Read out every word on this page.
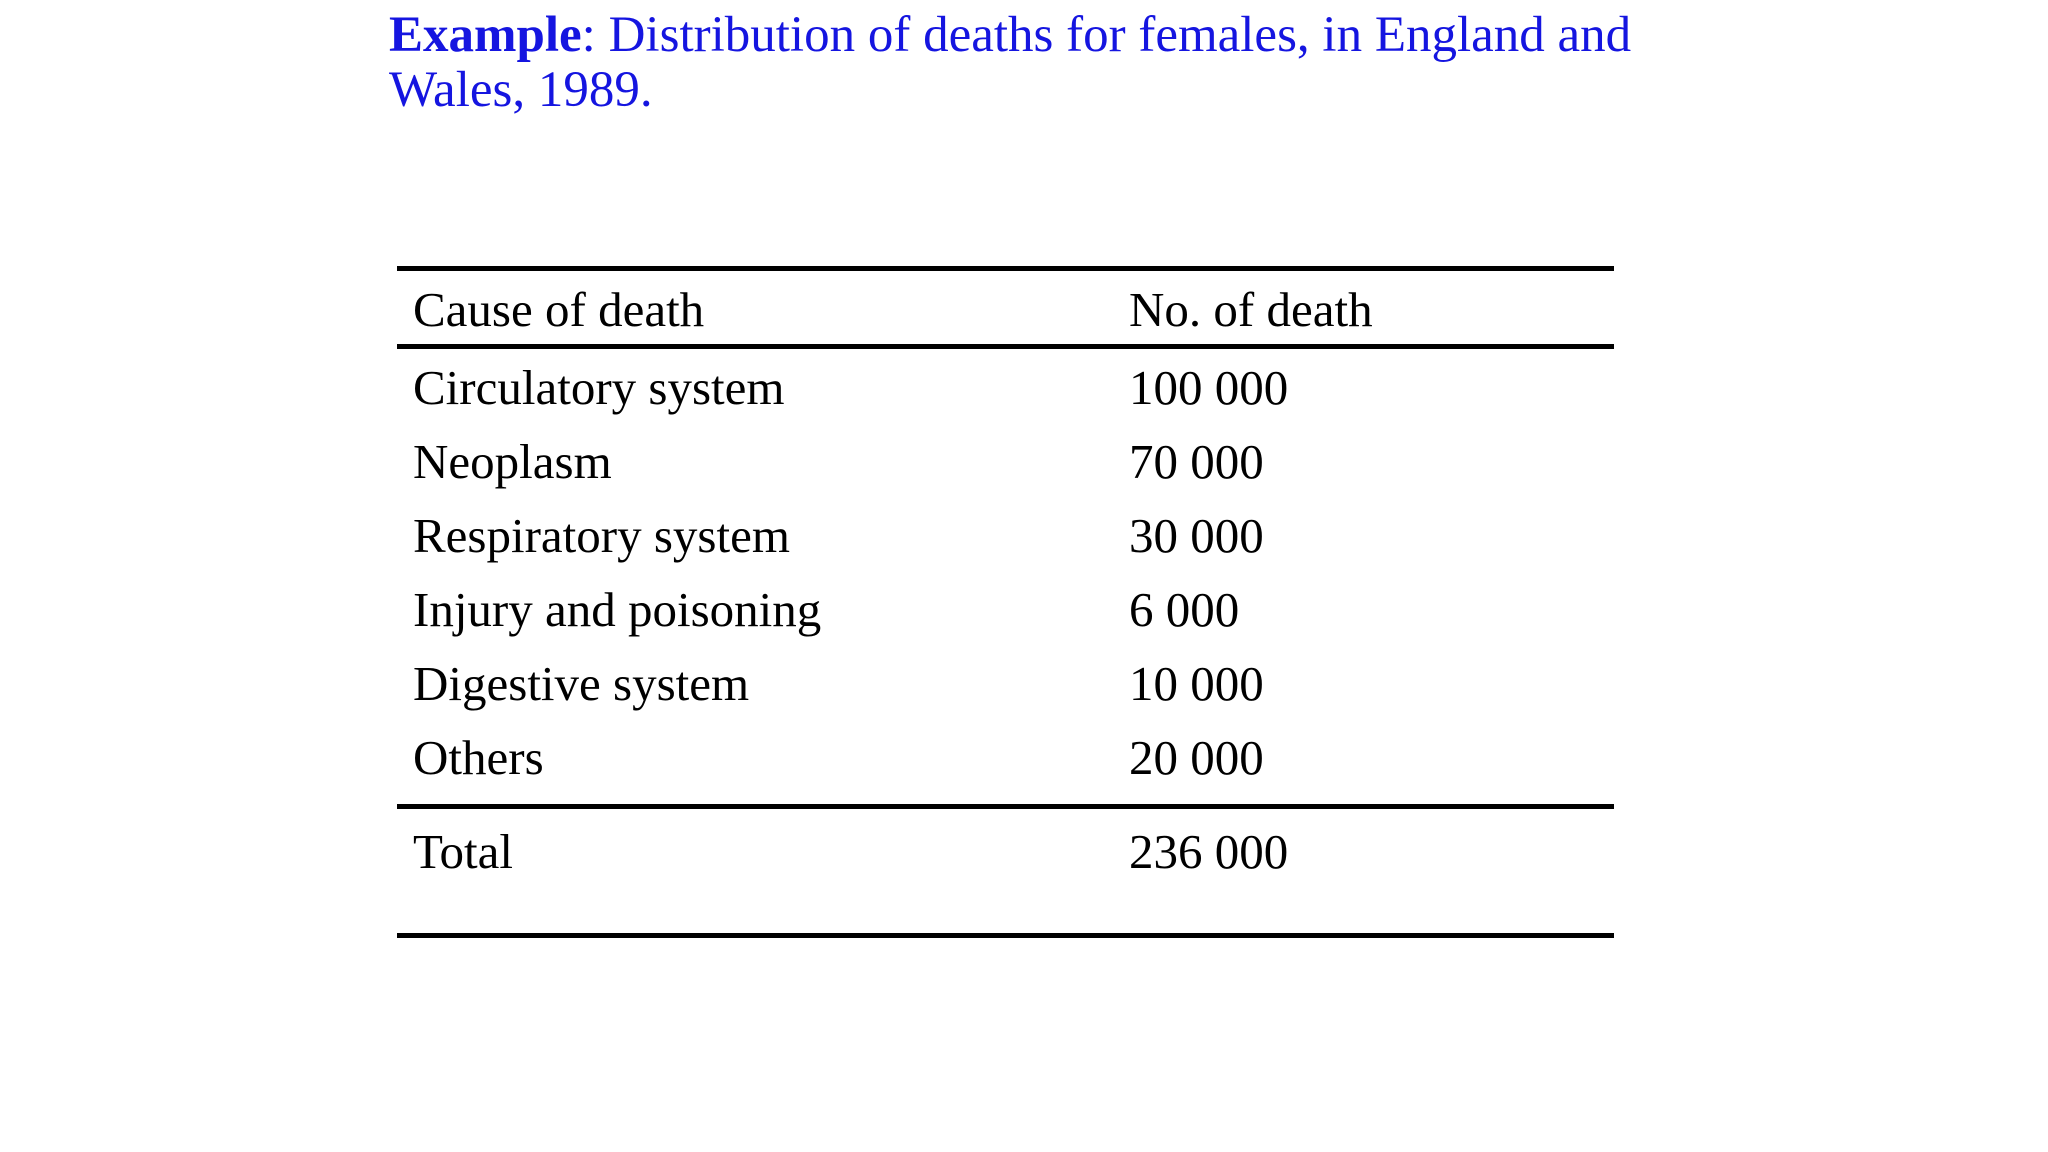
Example: Distribution of deaths for females, in England and Wales, 1989.

Cause of death	No. of death
Circulatory system	100 000
Neoplasm	70 000
Respiratory system	30 000
Injury and poisoning	6 000
Digestive system	10 000
Others	20 000
Total	236 000
